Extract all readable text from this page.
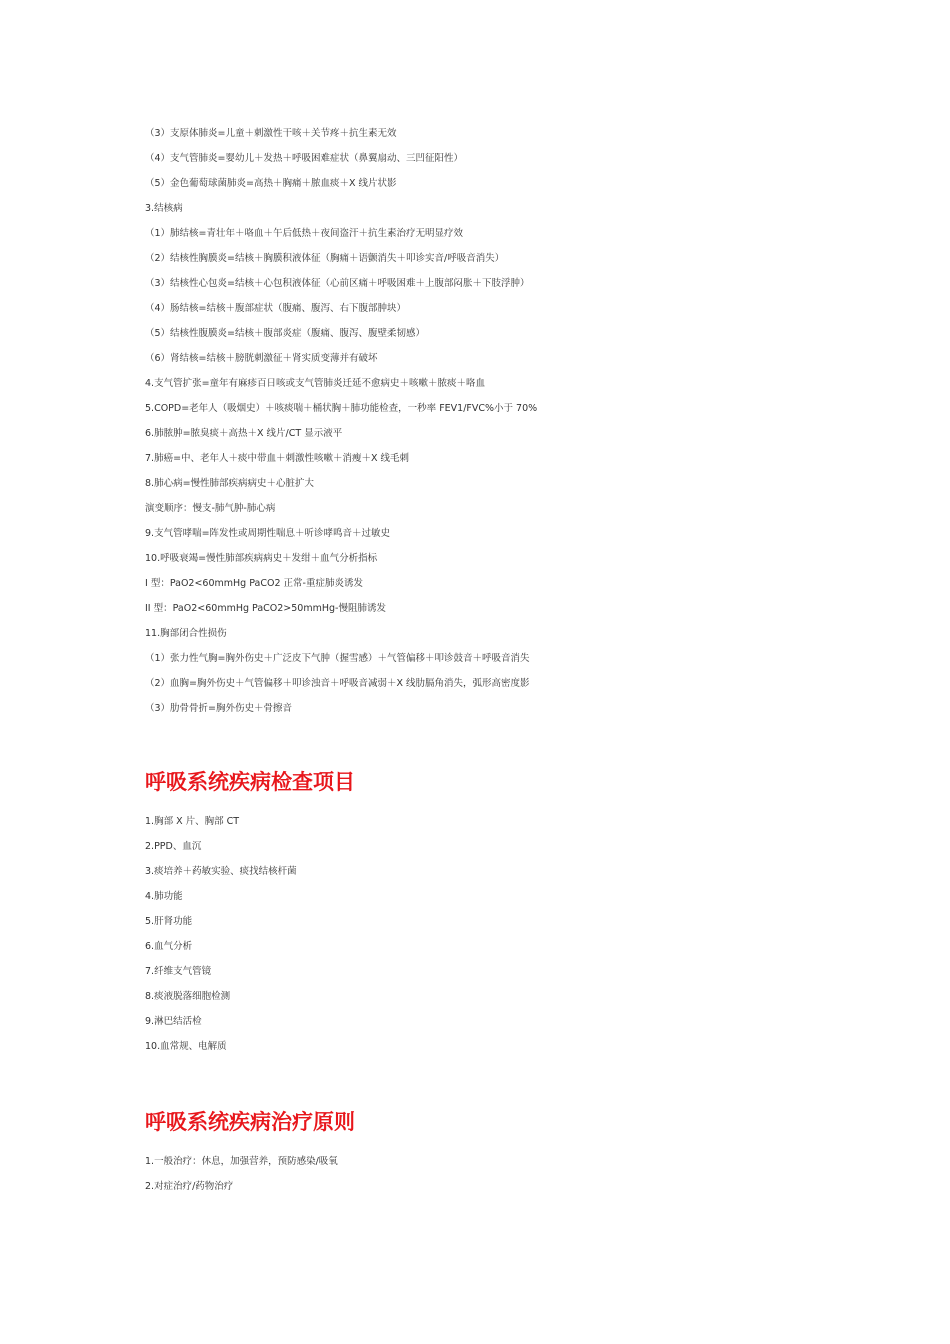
（3）支原体肺炎=儿童＋刺激性干咳＋关节疼＋抗生素无效
（4）支气管肺炎=婴幼儿＋发热＋呼吸困难症状（鼻翼扇动、三凹征阳性）
（5）金色葡萄球菌肺炎=高热＋胸痛＋脓血痰＋X 线片状影
3.结核病
（1）肺结核=青壮年＋咯血＋午后低热＋夜间盗汗＋抗生素治疗无明显疗效
（2）结核性胸膜炎=结核＋胸膜积液体征（胸痛＋语颤消失＋叩诊实音/呼吸音消失）
（3）结核性心包炎=结核＋心包积液体征（心前区痛＋呼吸困难＋上腹部闷胀＋下肢浮肿）
（4）肠结核=结核＋腹部症状（腹痛、腹泻、右下腹部肿块）
（5）结核性腹膜炎=结核＋腹部炎症（腹痛、腹泻、腹壁柔韧感）
（6）肾结核=结核＋膀胱刺激征＋肾实质变薄并有破坏
4.支气管扩张=童年有麻疹百日咳或支气管肺炎迁延不愈病史＋咳嗽＋脓痰＋咯血
5.COPD=老年人（吸烟史）＋咳痰喘＋桶状胸＋肺功能检查，一秒率 FEV1/FVC%小于 70%
6.肺脓肿=脓臭痰＋高热＋X 线片/CT 显示液平
7.肺癌=中、老年人＋痰中带血＋刺激性咳嗽＋消瘦＋X 线毛刺
8.肺心病=慢性肺部疾病病史＋心脏扩大
演变顺序：慢支-肺气肿-肺心病
9.支气管哮喘=阵发性或周期性喘息＋听诊哮鸣音＋过敏史
10.呼吸衰竭=慢性肺部疾病病史＋发绀＋血气分析指标
I 型：PaO2<60mmHg PaCO2 正常-重症肺炎诱发
II 型：PaO2<60mmHg PaCO2>50mmHg-慢阻肺诱发
11.胸部闭合性损伤
（1）张力性气胸=胸外伤史＋广泛皮下气肿（握雪感）＋气管偏移＋叩诊鼓音＋呼吸音消失
（2）血胸=胸外伤史＋气管偏移＋叩诊浊音＋呼吸音减弱＋X 线肋膈角消失，弧形高密度影
（3）肋骨骨折=胸外伤史＋骨擦音
呼吸系统疾病检查项目
1.胸部 X 片、胸部 CT
2.PPD、血沉
3.痰培养＋药敏实验、痰找结核杆菌
4.肺功能
5.肝肾功能
6.血气分析
7.纤维支气管镜
8.痰液脱落细胞检测
9.淋巴结活检
10.血常规、电解质
呼吸系统疾病治疗原则
1.一般治疗：休息，加强营养，预防感染/吸氧
2.对症治疗/药物治疗
